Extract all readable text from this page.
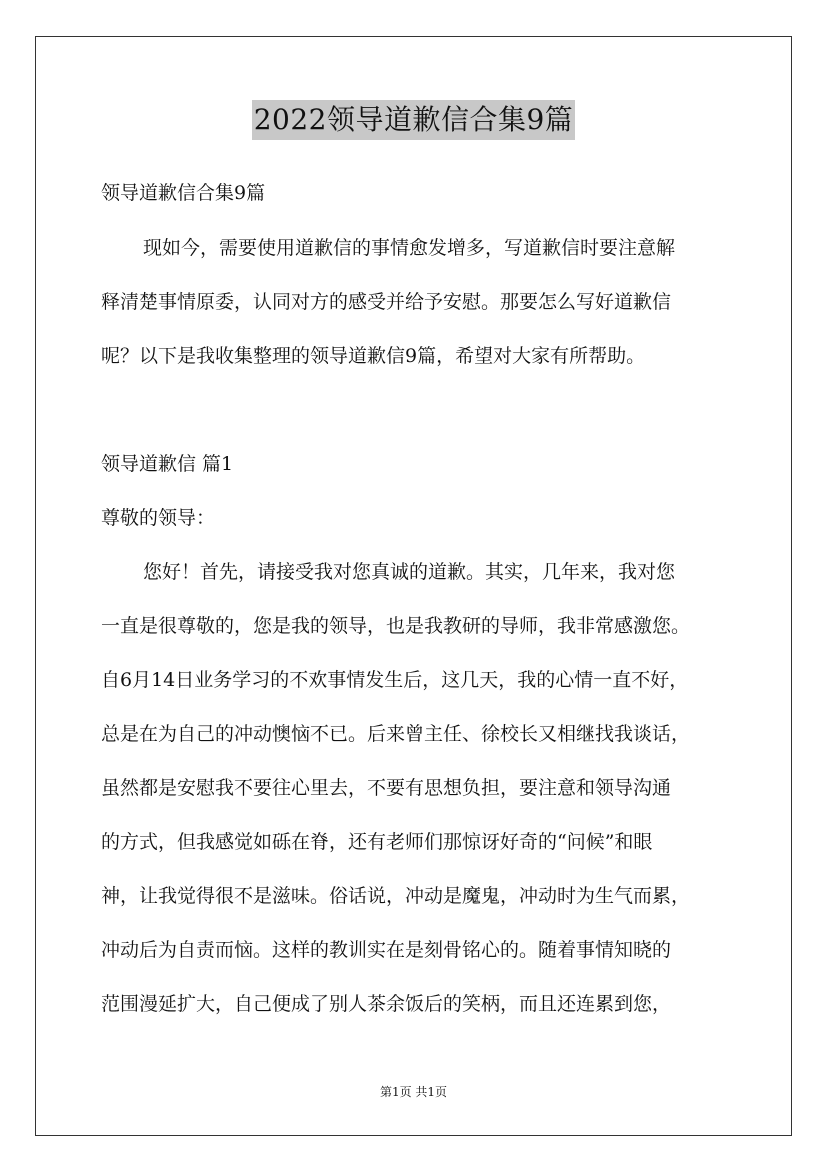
2022领导道歉信合集9篇
领导道歉信合集9篇
现如今，需要使用道歉信的事情愈发增多，写道歉信时要注意解
释清楚事情原委，认同对方的感受并给予安慰。那要怎么写好道歉信
呢？以下是我收集整理的领导道歉信9篇，希望对大家有所帮助。
领导道歉信 篇1
尊敬的领导：
您好！首先，请接受我对您真诚的道歉。其实，几年来，我对您
一直是很尊敬的，您是我的领导，也是我教研的导师，我非常感激您。
自6月14日业务学习的不欢事情发生后，这几天，我的心情一直不好，
总是在为自己的冲动懊恼不已。后来曾主任、徐校长又相继找我谈话，
虽然都是安慰我不要往心里去，不要有思想负担，要注意和领导沟通
的方式，但我感觉如砾在脊，还有老师们那惊讶好奇的“问候”和眼
神，让我觉得很不是滋味。俗话说，冲动是魔鬼，冲动时为生气而累，
冲动后为自责而恼。这样的教训实在是刻骨铭心的。随着事情知晓的
范围漫延扩大，自己便成了别人茶余饭后的笑柄，而且还连累到您，
第1页 共1页
